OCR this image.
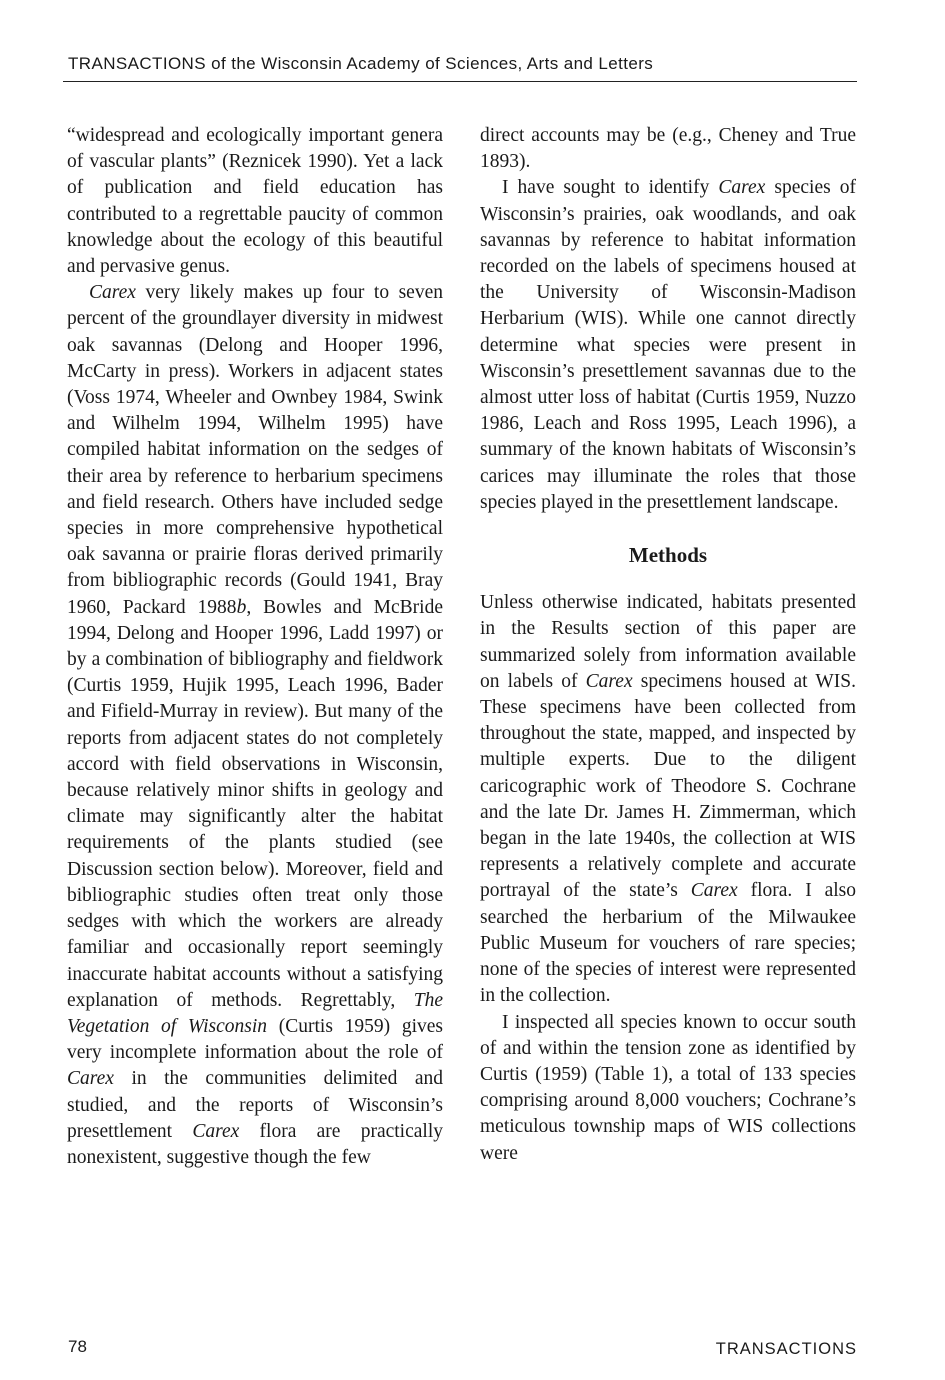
TRANSACTIONS of the Wisconsin Academy of Sciences, Arts and Letters

“widespread and ecologically important genera of vascular plants” (Reznicek 1990). Yet a lack of publication and field education has contributed to a regrettable paucity of common knowledge about the ecology of this beautiful and pervasive genus.

Carex very likely makes up four to seven percent of the groundlayer diversity in midwest oak savannas (Delong and Hooper 1996, McCarty in press). Workers in adjacent states (Voss 1974, Wheeler and Ownbey 1984, Swink and Wilhelm 1994, Wilhelm 1995) have compiled habitat information on the sedges of their area by reference to herbarium specimens and field research. Others have included sedge species in more comprehensive hypothetical oak savanna or prairie floras derived primarily from bibliographic records (Gould 1941, Bray 1960, Packard 1988b, Bowles and McBride 1994, Delong and Hooper 1996, Ladd 1997) or by a combination of bibliography and fieldwork (Curtis 1959, Hujik 1995, Leach 1996, Bader and Fifield-Murray in review). But many of the reports from adjacent states do not completely accord with field observations in Wisconsin, because relatively minor shifts in geology and climate may significantly alter the habitat requirements of the plants studied (see Discussion section below). Moreover, field and bibliographic studies often treat only those sedges with which the workers are already familiar and occasionally report seemingly inaccurate habitat accounts without a satisfying explanation of methods. Regrettably, The Vegetation of Wisconsin (Curtis 1959) gives very incomplete information about the role of Carex in the communities delimited and studied, and the reports of Wisconsin’s presettlement Carex flora are practically nonexistent, suggestive though the few

direct accounts may be (e.g., Cheney and True 1893).

I have sought to identify Carex species of Wisconsin’s prairies, oak woodlands, and oak savannas by reference to habitat information recorded on the labels of specimens housed at the University of Wisconsin-Madison Herbarium (WIS). While one cannot directly determine what species were present in Wisconsin’s presettlement savannas due to the almost utter loss of habitat (Curtis 1959, Nuzzo 1986, Leach and Ross 1995, Leach 1996), a summary of the known habitats of Wisconsin’s carices may illuminate the roles that those species played in the presettlement landscape.

Methods

Unless otherwise indicated, habitats presented in the Results section of this paper are summarized solely from information available on labels of Carex specimens housed at WIS. These specimens have been collected from throughout the state, mapped, and inspected by multiple experts. Due to the diligent caricographic work of Theodore S. Cochrane and the late Dr. James H. Zimmerman, which began in the late 1940s, the collection at WIS represents a relatively complete and accurate portrayal of the state’s Carex flora. I also searched the herbarium of the Milwaukee Public Museum for vouchers of rare species; none of the species of interest were represented in the collection.

I inspected all species known to occur south of and within the tension zone as identified by Curtis (1959) (Table 1), a total of 133 species comprising around 8,000 vouchers; Cochrane’s meticulous township maps of WIS collections were

78	TRANSACTIONS
